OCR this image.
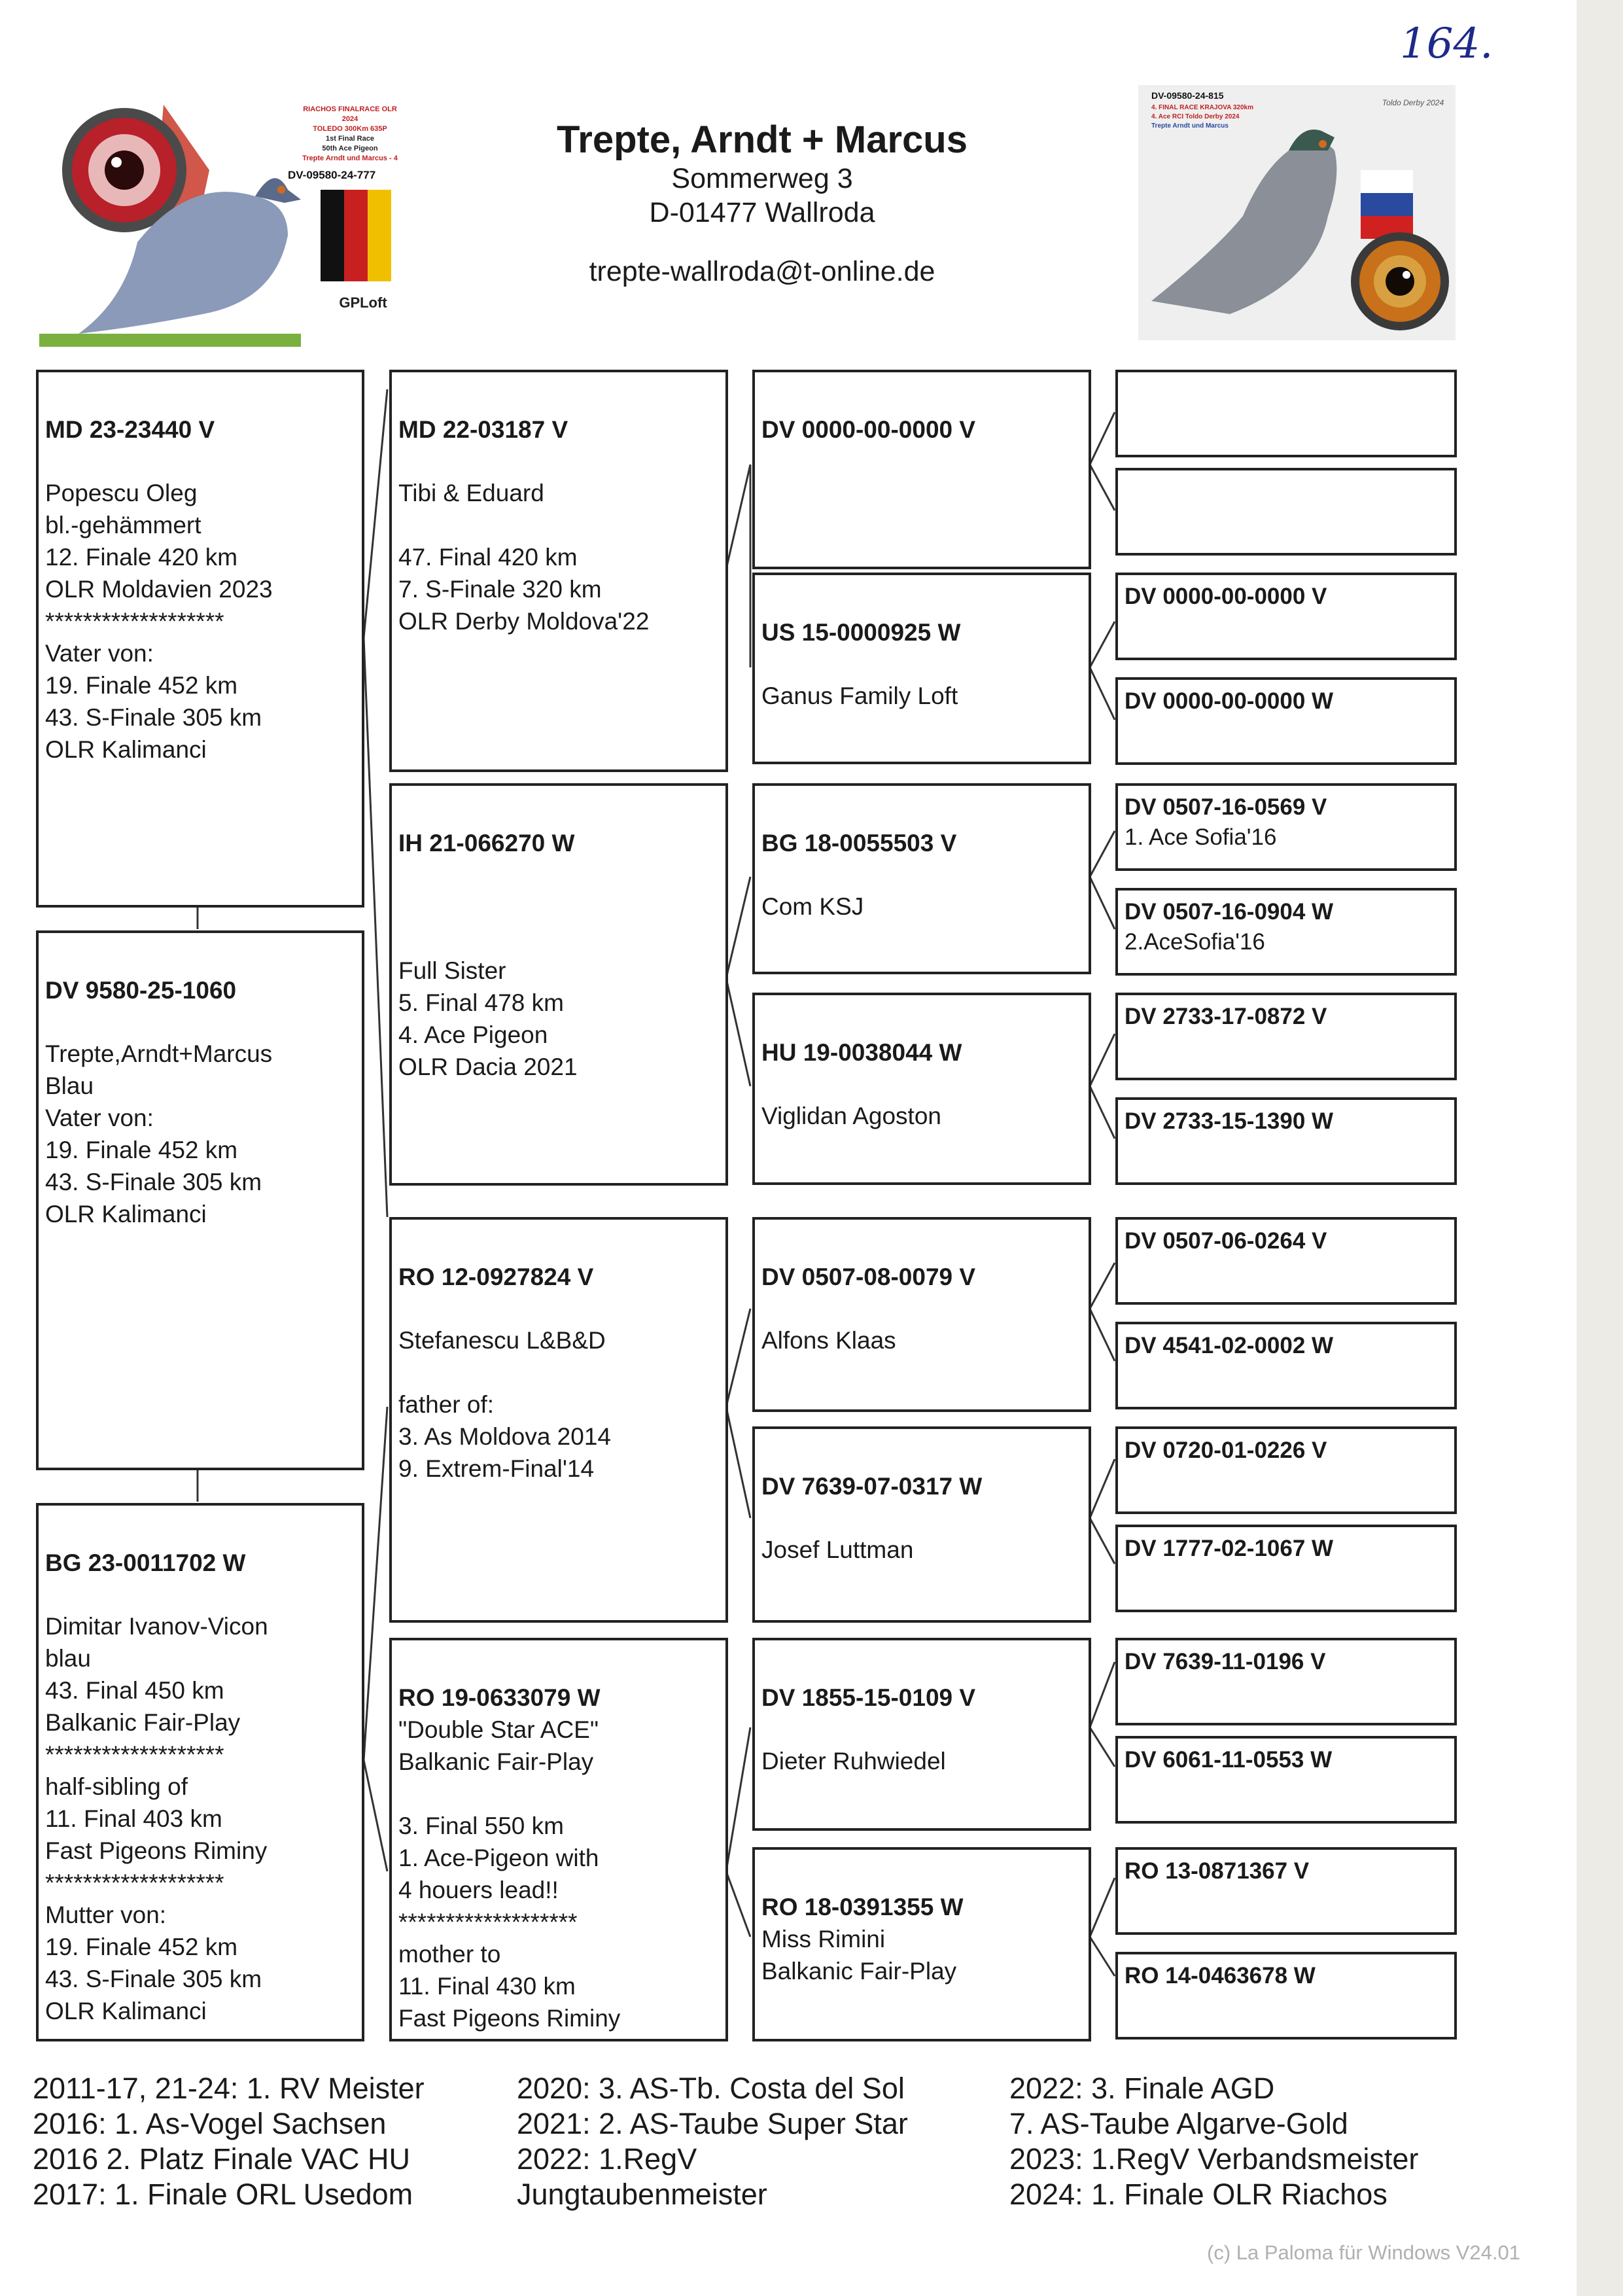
164.
GPLoft
RIACHOS FINALRACE OLR 2024
TOLEDO 300Km 635P
1st Final Race
50th Ace Pigeon
Trepte Arndt und Marcus - 4
DV-09580-24-777
Trepte, Arndt + Marcus
Sommerweg 3
D-01477 Wallroda
trepte-wallroda@t-online.de
DV-09580-24-815
4. FINAL RACE KRAJOVA 320km
4. Ace RCI Toldo Derby 2024
Trepte Arndt und Marcus
Toldo Derby 2024

MD 23-23440 V
Popescu Oleg
bl.-gehämmert
12. Finale 420 km
OLR Moldavien 2023
*******************
Vater von:
19. Finale 452 km
43. S-Finale 305 km
OLR Kalimanci

DV 9580-25-1060
Trepte,Arndt+Marcus
Blau
Vater von:
19. Finale 452 km
43. S-Finale 305 km
OLR Kalimanci

BG 23-0011702 W
Dimitar Ivanov-Vicon
blau
43. Final 450 km
Balkanic Fair-Play
*******************
half-sibling of
11. Final 403 km
Fast Pigeons Riminy
*******************
Mutter von:
19. Finale 452 km
43. S-Finale 305 km
OLR Kalimanci

MD 22-03187 V
Tibi & Eduard

47. Final 420 km
7. S-Finale 320 km
OLR Derby Moldova'22

IH 21-066270 W

Full Sister
5. Final 478 km
4. Ace Pigeon
OLR Dacia 2021

RO 12-0927824 V
Stefanescu L&B&D

father of:
3. As Moldova 2014
9. Extrem-Final'14

RO 19-0633079 W
"Double Star ACE"
Balkanic Fair-Play

3. Final 550 km
1. Ace-Pigeon with
4 houers lead!!
*******************
mother to
11. Final 430 km
Fast Pigeons Riminy

DV 0000-00-0000 V

US 15-0000925 W
Ganus Family Loft

BG 18-0055503 V
Com KSJ

HU 19-0038044 W
Viglidan Agoston

DV 0507-08-0079 V
Alfons Klaas

DV 7639-07-0317 W
Josef Luttman

DV 1855-15-0109 V
Dieter Ruhwiedel

RO 18-0391355 W
Miss Rimini
Balkanic Fair-Play

DV 0000-00-0000 V
DV 0000-00-0000 W
DV 0507-16-0569 V
1. Ace Sofia'16
DV 0507-16-0904 W
2.AceSofia'16
DV 2733-17-0872 V
DV 2733-15-1390 W
DV 0507-06-0264 V
DV 4541-02-0002 W
DV 0720-01-0226 V
DV 1777-02-1067 W
DV 7639-11-0196 V
DV 6061-11-0553 W
RO 13-0871367 V
RO 14-0463678 W
2011-17, 21-24: 1. RV Meister
2016: 1. As-Vogel Sachsen
2016 2. Platz Finale VAC HU
2017: 1. Finale ORL Usedom
2020: 3. AS-Tb. Costa del Sol
2021: 2. AS-Taube Super Star
2022: 1.RegV
Jungtaubenmeister
2022: 3. Finale AGD
7. AS-Taube Algarve-Gold
2023: 1.RegV Verbandsmeister
2024: 1. Finale OLR Riachos
(c) La Paloma für Windows V24.01
